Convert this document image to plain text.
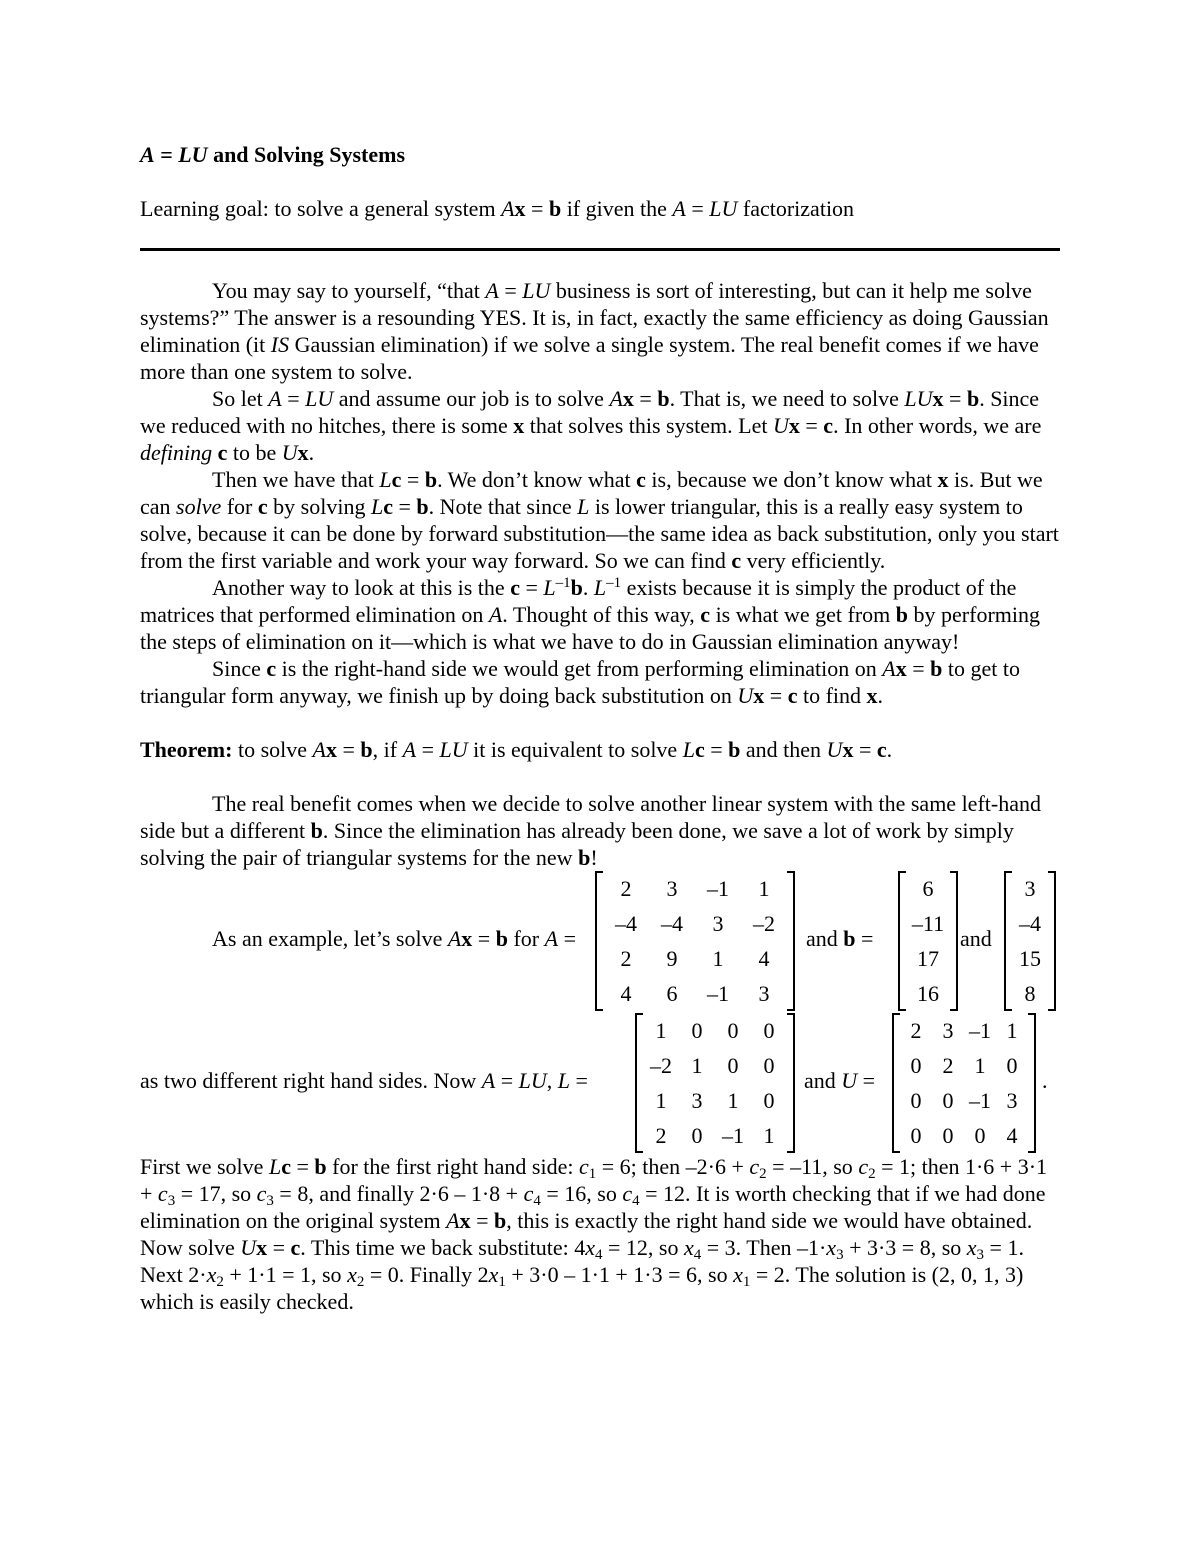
A = LU and Solving Systems

Learning goal: to solve a general system Ax = b if given the A = LU factorization

You may say to yourself, “that A = LU business is sort of interesting, but can it help me solve systems?” The answer is a resounding YES. It is, in fact, exactly the same efficiency as doing Gaussian elimination (it IS Gaussian elimination) if we solve a single system. The real benefit comes if we have more than one system to solve.

So let A = LU and assume our job is to solve Ax = b. That is, we need to solve LUx = b. Since we reduced with no hitches, there is some x that solves this system. Let Ux = c. In other words, we are defining c to be Ux.

Then we have that Lc = b. We don’t know what c is, because we don’t know what x is. But we can solve for c by solving Lc = b. Note that since L is lower triangular, this is a really easy system to solve, because it can be done by forward substitution—the same idea as back substitution, only you start from the first variable and work your way forward. So we can find c very efficiently.

Another way to look at this is the $c = L^{-1}b$. $L^{-1}$ exists because it is simply the product of the matrices that performed elimination on A. Thought of this way, c is what we get from b by performing the steps of elimination on it—which is what we have to do in Gaussian elimination anyway!

Since c is the right-hand side we would get from performing elimination on Ax = b to get to triangular form anyway, we finish up by doing back substitution on Ux = c to find x.

Theorem: to solve Ax = b, if A = LU it is equivalent to solve Lc = b and then Ux = c.

The real benefit comes when we decide to solve another linear system with the same left-hand side but a different b. Since the elimination has already been done, we save a lot of work by simply solving the pair of triangular systems for the new b!

As an example, let’s solve Ax = b for A =
2	3	–1	1
–4	–4	3	–2
2	9	1	4
4	6	–1	3
and b =
6
–11
17
16
and
3
–4
15
8
as two different right hand sides. Now A = LU, L =
1	0	0	0
–2 1	0	0
1	3	1	0
2	0 –1 1
and U =
2 3 –1 1
0 2 1 0
0 0 –1 3
0 0 0 4
.

First we solve Lc = b for the first right hand side: $c_1 = 6$; then $-2\cdot 6 + c_2 = -11$, so $c_2 = 1$; then $1\cdot 6 + 3\cdot 1 + c_3 = 17$, so $c_3 = 8$, and finally $2\cdot 6 - 1\cdot 8 + c_4 = 16$, so $c_4 = 12$. It is worth checking that if we had done elimination on the original system Ax = b, this is exactly the right hand side we would have obtained. Now solve Ux = c. This time we back substitute: $4x_4 = 12$, so $x_4 = 3$. Then $-1\cdot x_3 + 3\cdot 3 = 8$, so $x_3 = 1$. Next $2\cdot x_2 + 1\cdot 1 = 1$, so $x_2 = 0$. Finally $2x_1 + 3\cdot 0 - 1\cdot 1 + 1\cdot 3 = 6$, so $x_1 = 2$. The solution is (2, 0, 1, 3) which is easily checked.
